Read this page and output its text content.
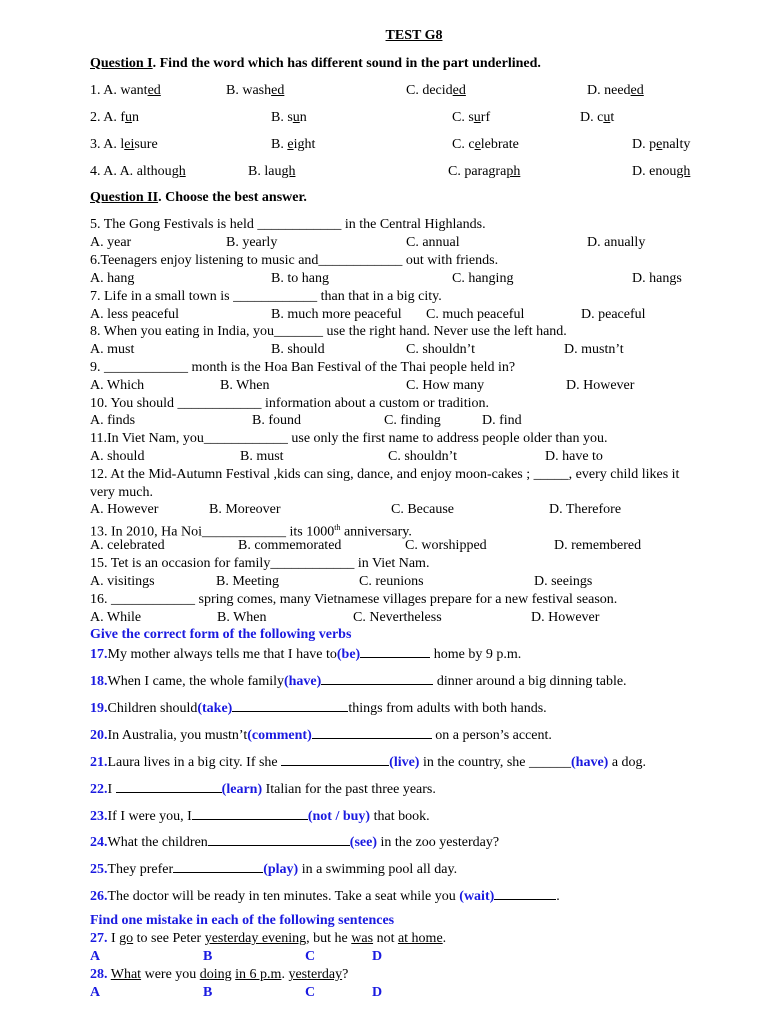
TEST G8
Question I. Find the word which has different sound in the part underlined.
1. A. wanted	B. washed	C. decided	D. needed
2. A. fun	B. sun	C. surf	D. cut
3. A. leisure	B. eight	C. celebrate	D. penalty
4. A. A. although	B. laugh	C. paragraph	D. enough
Question II. Choose the best answer.
5. The Gong Festivals is held ____________ in the Central Highlands.
A. year	B. yearly	C. annual	D. anually
6.Teenagers enjoy listening to music and____________ out with friends.
A. hang	B. to hang	C. hanging	D. hangs
7. Life in a small town is ____________ than that in a big city.
A. less peaceful	B. much more peaceful C. much peaceful	D. peaceful
8. When you eating in India, you_______ use the right hand. Never use the left hand.
A. must	B. should	C. shouldn’t	D. mustn’t
9. ____________ month is the Hoa Ban Festival of the Thai people held in?
A. Which	B. When	C. How many	D. However
10. You should ____________ information about a custom or tradition.
A. finds	B. found	C. finding	D. find
11.In Viet Nam, you____________ use only the first name to address people older than you.
A. should	B. must	C. shouldn’t	D. have to
12. At the Mid-Autumn Festival ,kids can sing, dance, and enjoy moon-cakes ; _____, every child likes it
very much.
A. However	B. Moreover	C. Because	D. Therefore
13. In 2010, Ha Noi____________ its 1000th anniversary.
A. celebrated	B. commemorated	C. worshipped	D. remembered
15. Tet is an occasion for family____________ in Viet Nam.
A. visitings	B. Meeting	C. reunions	D. seeings
16. ____________ spring comes, many Vietnamese villages prepare for a new festival season.
A. While	B. When	C. Nevertheless	D. However
Give the correct form of the following verbs
17.My mother always tells me that I have to(be)	home by 9 p.m.
18.When I came, the whole family(have)	dinner around a big dinning table.
19.Children should(take)	things from adults with both hands.
20.In Australia, you mustn’t(comment)	on a person’s accent.
22.I	(learn) Italian for the past three years.
23.If I were you, I	(not / buy) that book.
24.What the children	(see) in the zoo yesterday?
25.They prefer	(play) in a swimming pool all day.
26.The doctor will be ready in ten minutes. Take a seat while you (wait)	.
21.Laura lives in a big city. If she	(live) in the country, she ______(have) a dog.
Find one mistake in each of the following sentences
27. I go to see Peter yesterday evening, but he was not at home.
A	B	C	D
28. What were you doing in 6 p.m. yesterday?
A	B	C	D
